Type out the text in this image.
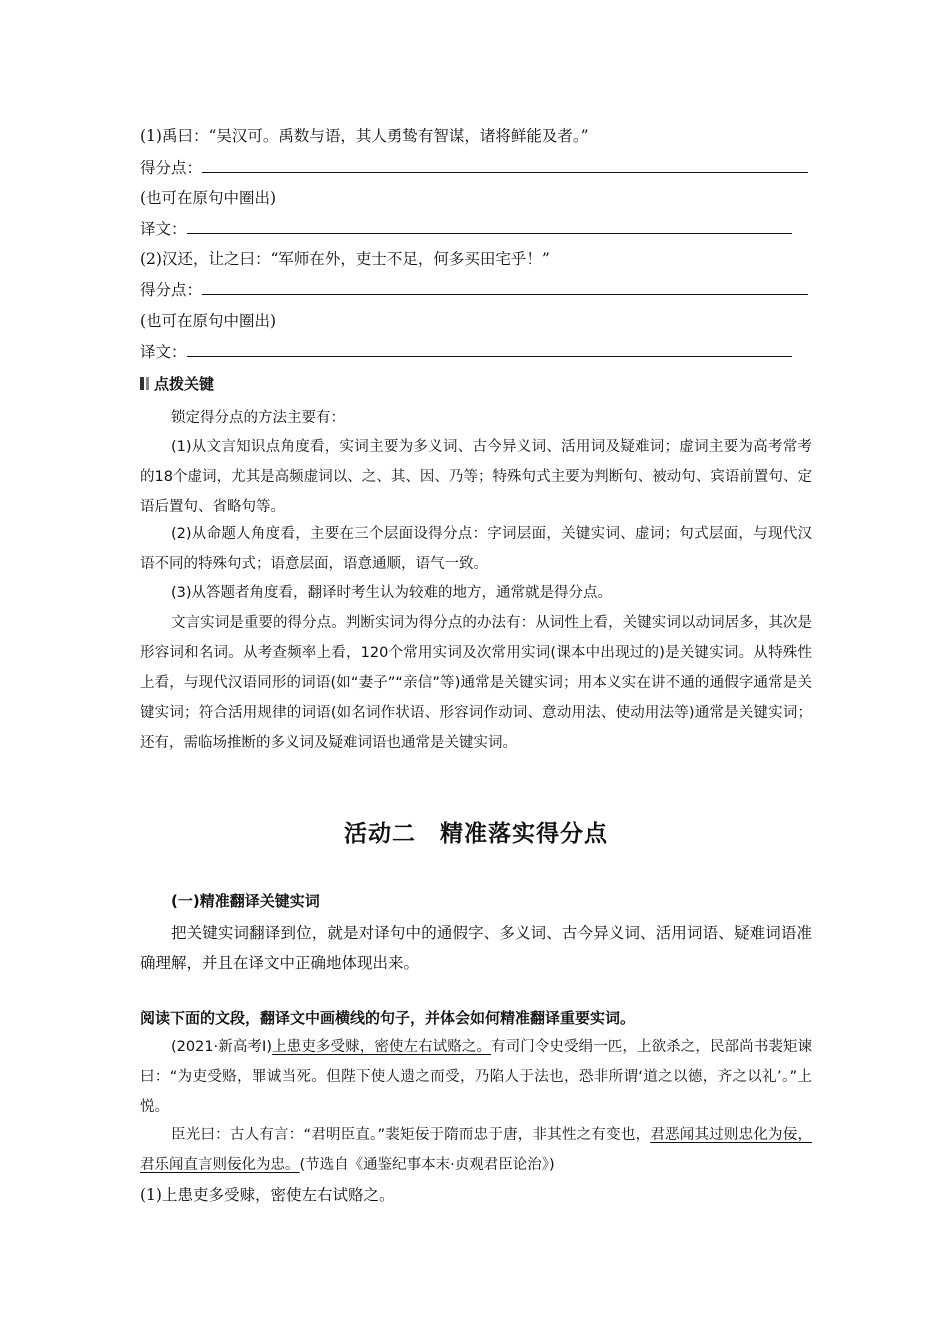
(1)禹曰：“吴汉可。禹数与语，其人勇鸷有智谋，诸将鲜能及者。”
得分点：
(也可在原句中圈出)
译文：
(2)汉还，让之曰：“军师在外，吏士不足，何多买田宅乎！”
得分点：
(也可在原句中圈出)
译文：
点拨关键
锁定得分点的方法主要有：
(1)从文言知识点角度看，实词主要为多义词、古今异义词、活用词及疑难词；虚词主要为高考常考的18个虚词，尤其是高频虚词以、之、其、因、乃等；特殊句式主要为判断句、被动句、宾语前置句、定语后置句、省略句等。
(2)从命题人角度看，主要在三个层面设得分点：字词层面，关键实词、虚词；句式层面，与现代汉语不同的特殊句式；语意层面，语意通顺，语气一致。
(3)从答题者角度看，翻译时考生认为较难的地方，通常就是得分点。
文言实词是重要的得分点。判断实词为得分点的办法有：从词性上看，关键实词以动词居多，其次是形容词和名词。从考查频率上看，120个常用实词及次常用实词(课本中出现过的)是关键实词。从特殊性上看，与现代汉语同形的词语(如“妻子”“亲信”等)通常是关键实词；用本义实在讲不通的通假字通常是关键实词；符合活用规律的词语(如名词作状语、形容词作动词、意动用法、使动用法等)通常是关键实词；还有，需临场推断的多义词及疑难词语也通常是关键实词。
活动二　精准落实得分点
(一)精准翻译关键实词
把关键实词翻译到位，就是对译句中的通假字、多义词、古今异义词、活用词语、疑难词语准确理解，并且在译文中正确地体现出来。
阅读下面的文段，翻译文中画横线的句子，并体会如何精准翻译重要实词。
(2021·新高考Ⅰ)上患吏多受赇，密使左右试赂之。有司门令史受绢一匹，上欲杀之，民部尚书裴矩谏曰：“为吏受赂，罪诚当死。但陛下使人遗之而受，乃陷人于法也，恐非所谓‘道之以德，齐之以礼’。”上悦。
臣光曰：古人有言：“君明臣直。”裴矩佞于隋而忠于唐，非其性之有变也，君恶闻其过则忠化为佞，君乐闻直言则佞化为忠。(节选自《通鉴纪事本末·贞观君臣论治》)
(1)上患吏多受赇，密使左右试赂之。
